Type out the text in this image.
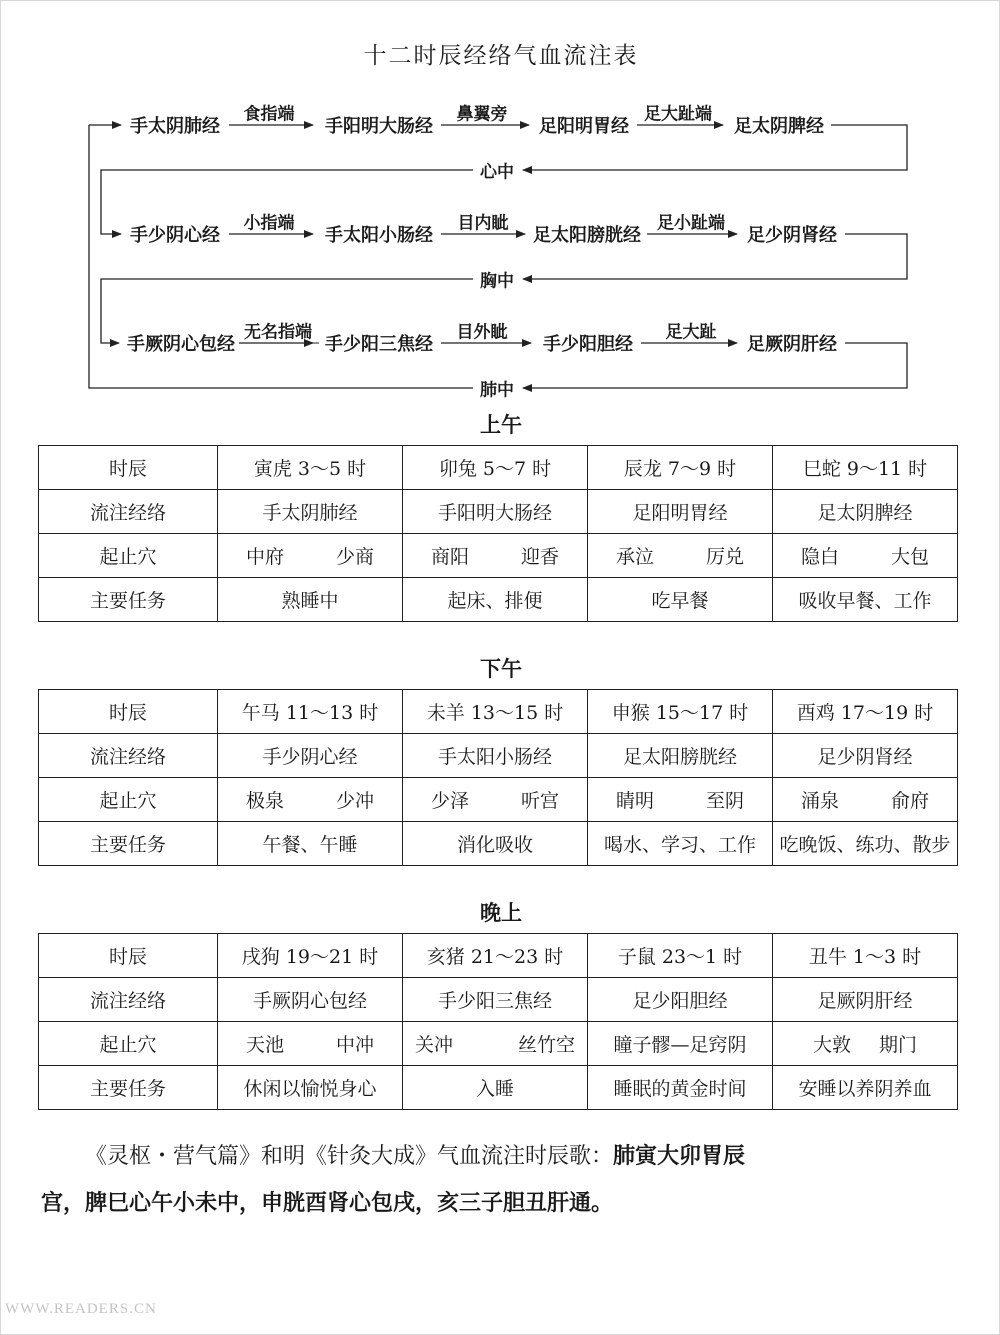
十二时辰经络气血流注表
手太阴肺经	手阳明大肠经	足阳明胃经	足太阴脾经
食指端	鼻翼旁	足大趾端
心中
手少阴心经	手太阳小肠经	足太阳膀胱经	足少阴肾经
小指端	目内眦	足小趾端
胸中
手厥阴心包经	手少阳三焦经	手少阳胆经	足厥阴肝经
无名指端	目外眦	足大趾
肺中
上午
时辰	寅虎 3～5 时	卯兔 5～7 时	辰龙 7～9 时	巳蛇 9～11 时
流注经络	手太阴肺经	手阳明大肠经	足阳明胃经	足太阴脾经
起止穴	中府 少商	商阳 迎香	承泣 厉兑	隐白 大包

主要任务	熟睡中	起床、排便	吃早餐	吸收早餐、工作
下午
时辰	午马 11～13 时	未羊 13～15 时	申猴 15～17 时	酉鸡 17～19 时
流注经络	手少阴心经	手太阳小肠经	足太阳膀胱经	足少阴肾经
起止穴	极泉 少冲	少泽 听宫	睛明 至阴	涌泉 俞府

主要任务	午餐、午睡	消化吸收	喝水、学习、工作	吃晚饭、练功、散步
晚上
时辰	戌狗 19～21 时	亥猪 21～23 时	子鼠 23～1 时	丑牛 1～3 时
流注经络	手厥阴心包经	手少阳三焦经	足少阳胆经	足厥阴肝经
起止穴	天池 中冲	关冲 丝竹空	瞳子髎—足窍阴	大敦 期门

主要任务	休闲以愉悦身心	入睡	睡眠的黄金时间	安睡以养阴养血
《灵枢・营气篇》和明《针灸大成》气血流注时辰歌：肺寅大卯胃辰
宫，脾巳心午小未中，申胱酉肾心包戌，亥三子胆丑肝通。
WWW.READERS.CN
